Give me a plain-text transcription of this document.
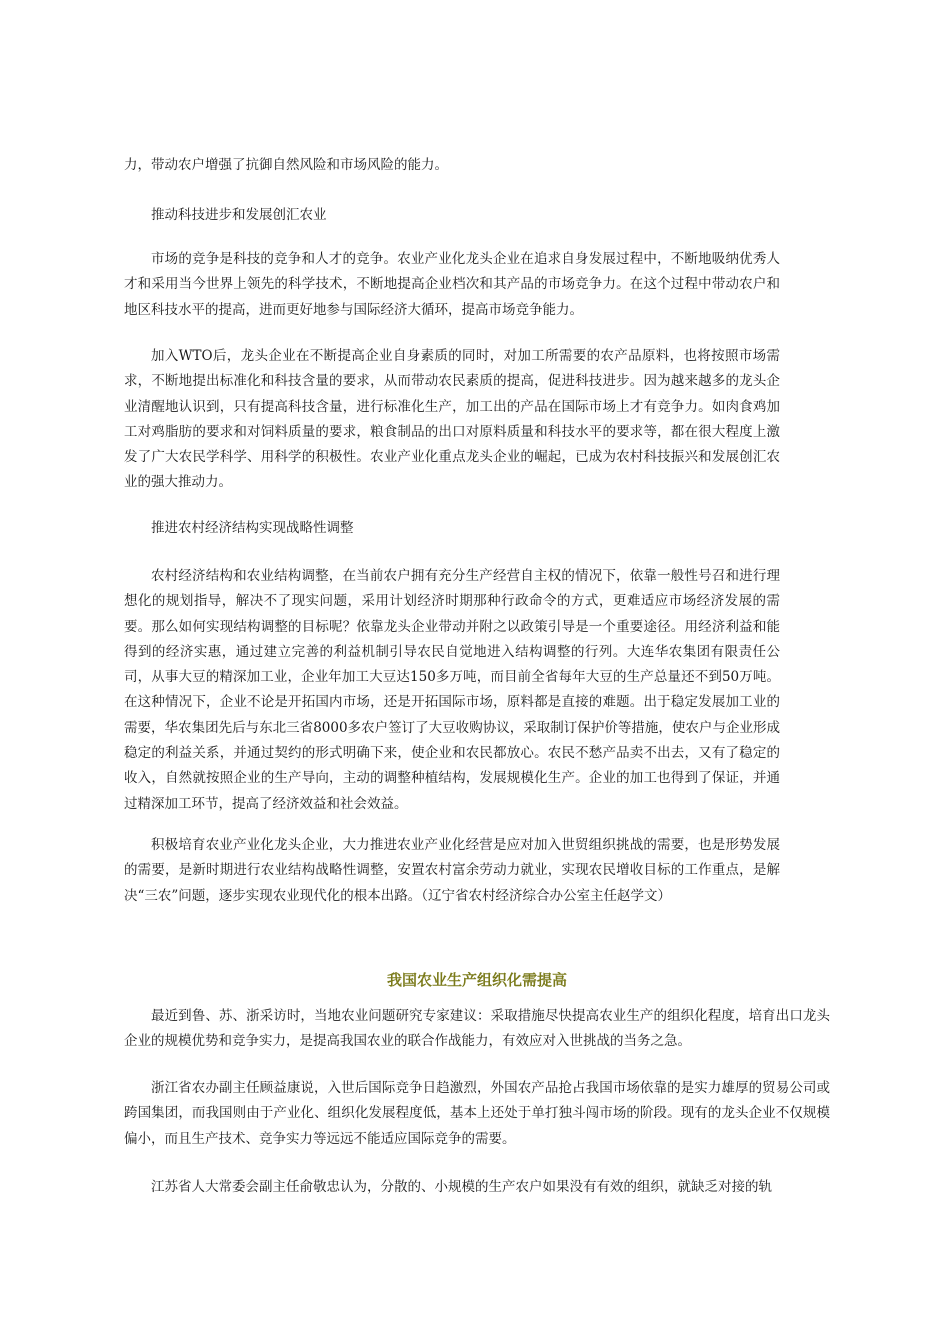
力，带动农户增强了抗御自然风险和市场风险的能力。

推动科技进步和发展创汇农业

市场的竞争是科技的竞争和人才的竞争。农业产业化龙头企业在追求自身发展过程中，不断地吸纳优秀人才和采用当今世界上领先的科学技术，不断地提高企业档次和其产品的市场竞争力。在这个过程中带动农户和地区科技水平的提高，进而更好地参与国际经济大循环，提高市场竞争能力。

加入WTO后，龙头企业在不断提高企业自身素质的同时，对加工所需要的农产品原料，也将按照市场需求，不断地提出标准化和科技含量的要求，从而带动农民素质的提高，促进科技进步。因为越来越多的龙头企业清醒地认识到，只有提高科技含量，进行标准化生产，加工出的产品在国际市场上才有竞争力。如肉食鸡加工对鸡脂肪的要求和对饲料质量的要求，粮食制品的出口对原料质量和科技水平的要求等，都在很大程度上激发了广大农民学科学、用科学的积极性。农业产业化重点龙头企业的崛起，已成为农村科技振兴和发展创汇农业的强大推动力。

推进农村经济结构实现战略性调整

农村经济结构和农业结构调整，在当前农户拥有充分生产经营自主权的情况下，依靠一般性号召和进行理想化的规划指导，解决不了现实问题，采用计划经济时期那种行政命令的方式，更难适应市场经济发展的需要。那么如何实现结构调整的目标呢？依靠龙头企业带动并附之以政策引导是一个重要途径。用经济利益和能得到的经济实惠，通过建立完善的利益机制引导农民自觉地进入结构调整的行列。大连华农集团有限责任公司，从事大豆的精深加工业，企业年加工大豆达150多万吨，而目前全省每年大豆的生产总量还不到50万吨。在这种情况下，企业不论是开拓国内市场，还是开拓国际市场，原料都是直接的难题。出于稳定发展加工业的需要，华农集团先后与东北三省8000多农户签订了大豆收购协议，采取制订保护价等措施，使农户与企业形成稳定的利益关系，并通过契约的形式明确下来，使企业和农民都放心。农民不愁产品卖不出去，又有了稳定的收入，自然就按照企业的生产导向，主动的调整种植结构，发展规模化生产。企业的加工也得到了保证，并通过精深加工环节，提高了经济效益和社会效益。

积极培育农业产业化龙头企业，大力推进农业产业化经营是应对加入世贸组织挑战的需要，也是形势发展的需要，是新时期进行农业结构战略性调整，安置农村富余劳动力就业，实现农民增收目标的工作重点，是解决“三农”问题，逐步实现农业现代化的根本出路。（辽宁省农村经济综合办公室主任赵学文）

我国农业生产组织化需提高

最近到鲁、苏、浙采访时，当地农业问题研究专家建议：采取措施尽快提高农业生产的组织化程度，培育出口龙头企业的规模优势和竞争实力，是提高我国农业的联合作战能力，有效应对入世挑战的当务之急。

浙江省农办副主任顾益康说，入世后国际竞争日趋激烈，外国农产品抢占我国市场依靠的是实力雄厚的贸易公司或跨国集团，而我国则由于产业化、组织化发展程度低，基本上还处于单打独斗闯市场的阶段。现有的龙头企业不仅规模偏小，而且生产技术、竞争实力等远远不能适应国际竞争的需要。

江苏省人大常委会副主任俞敬忠认为，分散的、小规模的生产农户如果没有有效的组织，就缺乏对接的轨
